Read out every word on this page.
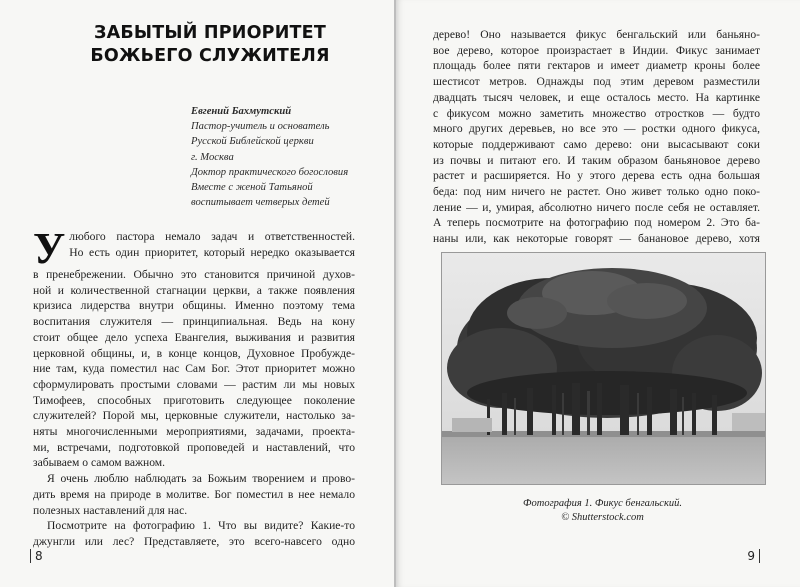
ЗАБЫТЫЙ ПРИОРИТЕТ
БОЖЬЕГО СЛУЖИТЕЛЯ
Евгений Бахмутский
Пастор-учитель и основатель
Русской Библейской церкви
г. Москва
Доктор практического богословия
Вместе с женой Татьяной
воспитывает четверых детей
У любого пастора немало задач и ответственностей.
Но есть один приоритет, который нередко оказывается
в пренебрежении. Обычно это становится причиной духов-
ной и количественной стагнации церкви, а также появления
кризиса лидерства внутри общины. Именно поэтому тема
воспитания служителя — принципиальная. Ведь на кону
стоит общее дело успеха Евангелия, выживания и развития
церковной общины, и, в конце концов, Духовное Пробужде-
ние там, куда поместил нас Сам Бог. Этот приоритет можно
сформулировать простыми словами — растим ли мы новых
Тимофеев, способных приготовить следующее поколение
служителей? Порой мы, церковные служители, настолько за-
няты многочисленными мероприятиями, задачами, проекта-
ми, встречами, подготовкой проповедей и наставлений, что
забываем о самом важном.
Я очень люблю наблюдать за Божьим творением и прово-
дить время на природе в молитве. Бог поместил в нее немало
полезных наставлений для нас.
Посмотрите на фотографию 1. Что вы видите? Какие-то
джунгли или лес? Представляете, это всего-навсего одно
8
дерево! Оно называется фикус бенгальский или баньяно-
вое дерево, которое произрастает в Индии. Фикус занимает
площадь более пяти гектаров и имеет диаметр кроны более
шестисот метров. Однажды под этим деревом разместили
двадцать тысяч человек, и еще осталось место. На картинке
с фикусом можно заметить множество отростков — будто
много других деревьев, но все это — ростки одного фикуса,
которые поддерживают само дерево: они высасывают соки
из почвы и питают его. И таким образом баньяновое дерево
растет и расширяется. Но у этого дерева есть одна большая
беда: под ним ничего не растет. Оно живет только одно поко-
ление — и, умирая, абсолютно ничего после себя не оставляет.
А теперь посмотрите на фотографию под номером 2. Это ба-
наны или, как некоторые говорят — банановое дерево, хотя
Фотография 1. Фикус бенгальский.
© Shutterstock.com
9
